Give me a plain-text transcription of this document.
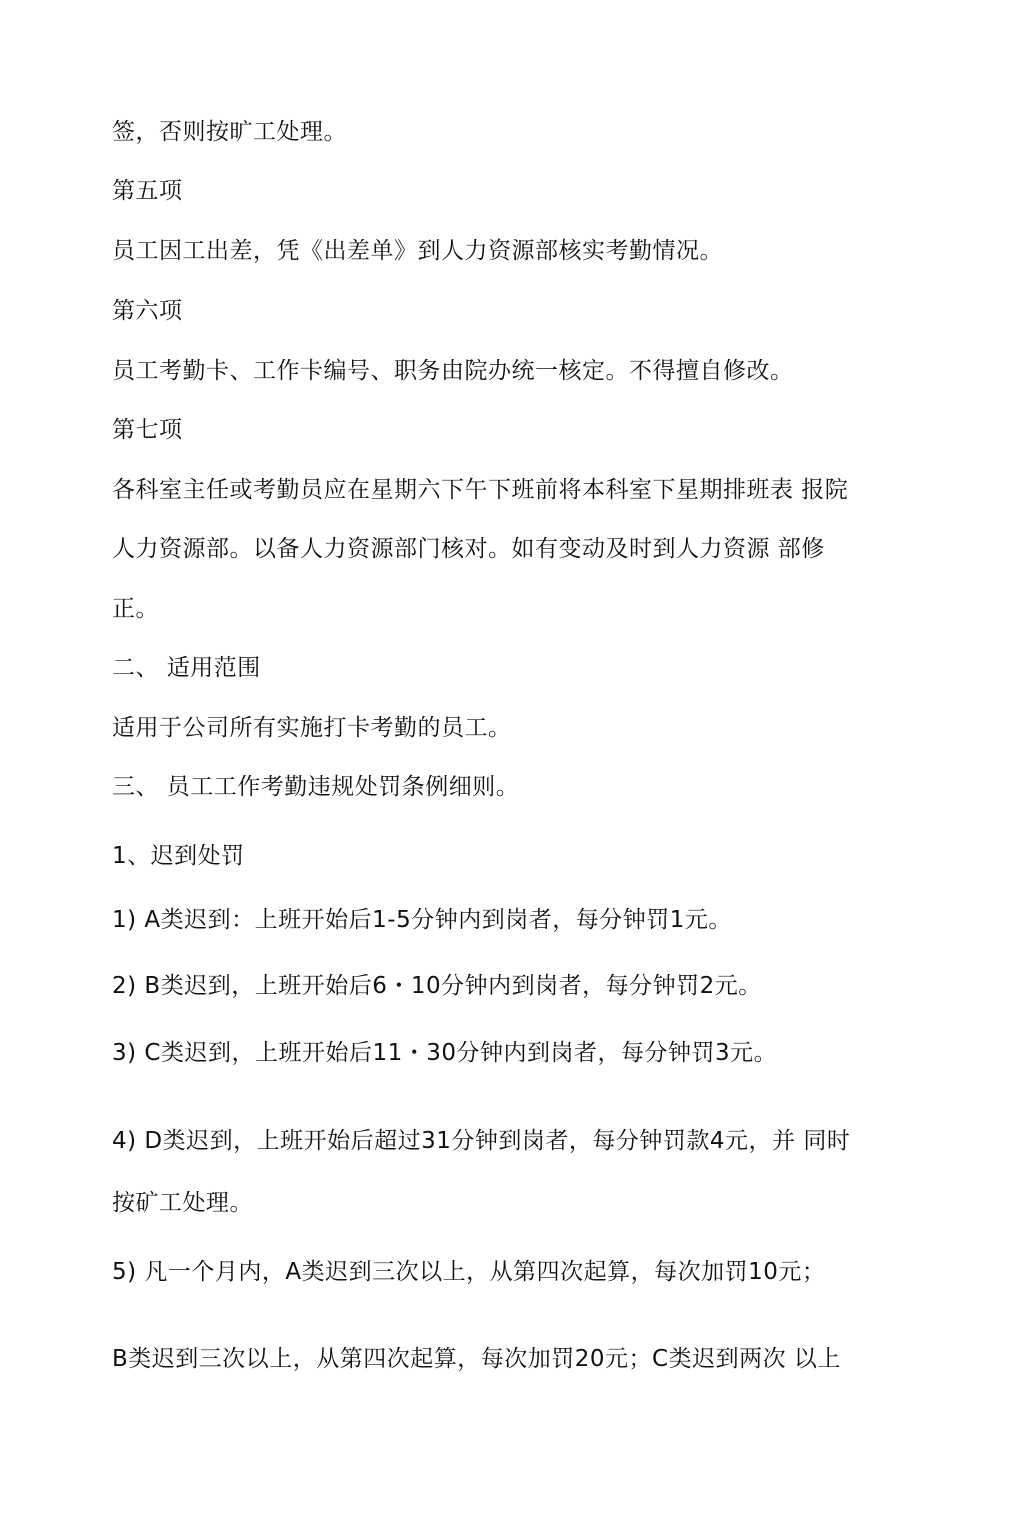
签，否则按旷工处理。

第五项

员工因工出差，凭《出差单》到人力资源部核实考勤情况。

第六项

员工考勤卡、工作卡编号、职务由院办统一核定。不得擅自修改。

第七项

各科室主任或考勤员应在星期六下午下班前将本科室下星期排班表 报院

人力资源部。以备人力资源部门核对。如有变动及时到人力资源 部修

正。

二、 适用范围

适用于公司所有实施打卡考勤的员工。

三、 员工工作考勤违规处罚条例细则。

1、迟到处罚

1) A类迟到：上班开始后1-5分钟内到岗者，每分钟罚1元。

2) B类迟到，上班开始后6・10分钟内到岗者，每分钟罚2元。

3) C类迟到，上班开始后11・30分钟内到岗者，每分钟罚3元。

4) D类迟到，上班开始后超过31分钟到岗者，每分钟罚款4元，并 同时

按矿工处理。

5) 凡一个月内，A类迟到三次以上，从第四次起算，每次加罚10元；

B类迟到三次以上，从第四次起算，每次加罚20元；C类迟到两次 以上
